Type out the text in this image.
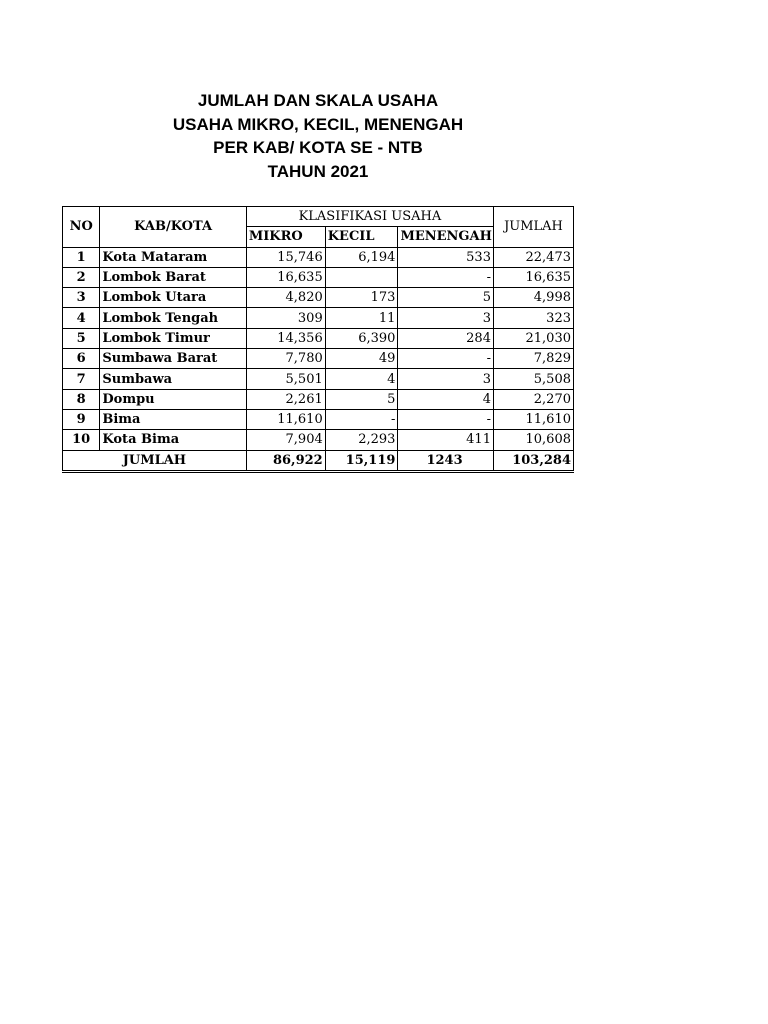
JUMLAH DAN SKALA USAHA
USAHA MIKRO, KECIL, MENENGAH
PER KAB/ KOTA SE - NTB
TAHUN 2021
NO	KAB/KOTA	KLASIFIKASI USAHA			JUMLAH
		MIKRO	KECIL	MENENGAH	
1	Kota Mataram	15,746	6,194	533	22,473
2	Lombok Barat	16,635		-	16,635
3	Lombok Utara	4,820	173	5	4,998
4	Lombok Tengah	309	11	3	323
5	Lombok Timur	14,356	6,390	284	21,030
6	Sumbawa Barat	7,780	49	-	7,829
7	Sumbawa	5,501	4	3	5,508
8	Dompu	2,261	5	4	2,270
9	Bima	11,610	-	-	11,610
10	Kota Bima	7,904	2,293	411	10,608
JUMLAH		86,922	15,119	1243	103,284
